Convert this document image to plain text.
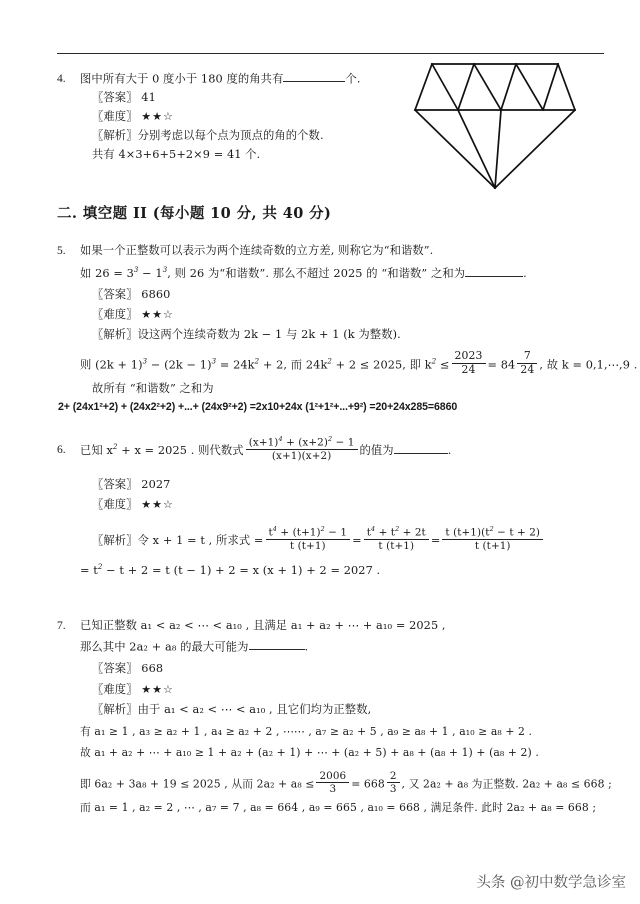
4. 图中所有大于 0 度小于 180 度的角共有	个.
〖答案〗 41
〖难度〗 ★★☆
〖解析〗分别考虑以每个点为顶点的角的个数.
共有 4×3+6+5+2×9 = 41 个.
二. 填空题 II (每小题 10 分, 共 40 分)
5. 如果一个正整数可以表示为两个连续奇数的立方差, 则称它为“和谐数”.
如 $26 = 3^3 - 1^3$, 则 26 为“和谐数”. 那么不超过 2025 的 “和谐数” 之和为	.
〖答案〗 6860
〖难度〗 ★★☆
〖解析〗设这两个连续奇数为 2k − 1 与 2k + 1 (k 为整数).
则 $(2k + 1)^3 - (2k - 1)^3 = 24k^2 + 2$, 而 $24k^2 + 2 \le 2025$, 即 $k^2 \le \frac{2023}{24} = 84 \frac{7}{24}$ , 故 k = 0,1,⋯,9 .
故所有 “和谐数” 之和为
2+ (24x1²+2) + (24x2²+2) +...+ (24x9²+2) =2x10+24x (1²+1²+...+9²) =20+24x285=6860
6. 已知 $x^2 + x = 2025$ . 则代数式 $\frac{(x+1)^4 + (x+2)^2 - 1}{(x+1)(x+2)}$ 的值为	.
〖答案〗 2027
〖难度〗 ★★☆
〖解析〗令 x + 1 = t , 所求式 = $\frac{t^4 + (t+1)^2 - 1}{t (t+1)} = \frac{t^4 + t^2 + 2t}{t (t+1)} = \frac{t (t+1)(t^2 - t + 2)}{t (t+1)}$
= $t^2 - t + 2 = t$ (t − 1) + 2 = x (x + 1) + 2 = 2027 .
7. 已知正整数 a₁ < a₂ < ⋯ < a₁₀ , 且满足 a₁ + a₂ + ⋯ + a₁₀ = 2025 ,
那么其中 2a₂ + a₈ 的最大可能为	.
〖答案〗 668
〖难度〗 ★★☆
〖解析〗由于 a₁ < a₂ < ⋯ < a₁₀ , 且它们均为正整数,
有 a₁ ≥ 1 , a₃ ≥ a₂ + 1 , a₄ ≥ a₂ + 2 , ⋯⋯ , a₇ ≥ a₂ + 5 , a₉ ≥ a₈ + 1 , a₁₀ ≥ a₈ + 2 .
故 a₁ + a₂ + ⋯ + a₁₀ ≥ 1 + a₂ + (a₂ + 1) + ⋯ + (a₂ + 5) + a₈ + (a₈ + 1) + (a₈ + 2) .
即 6a₂ + 3a₈ + 19 ≤ 2025 , 从而 $2a_2 + a_8 \le \frac{2006}{3} = 668 \frac{2}{3}$ , 又 2a₂ + a₈ 为正整数. 2a₂ + a₈ ≤ 668 ;
而 a₁ = 1 , a₂ = 2 , ⋯ , a₇ = 7 , a₈ = 664 , a₉ = 665 , a₁₀ = 668 , 满足条件. 此时 2a₂ + a₈ = 668 ;
头条 @初中数学急诊室
